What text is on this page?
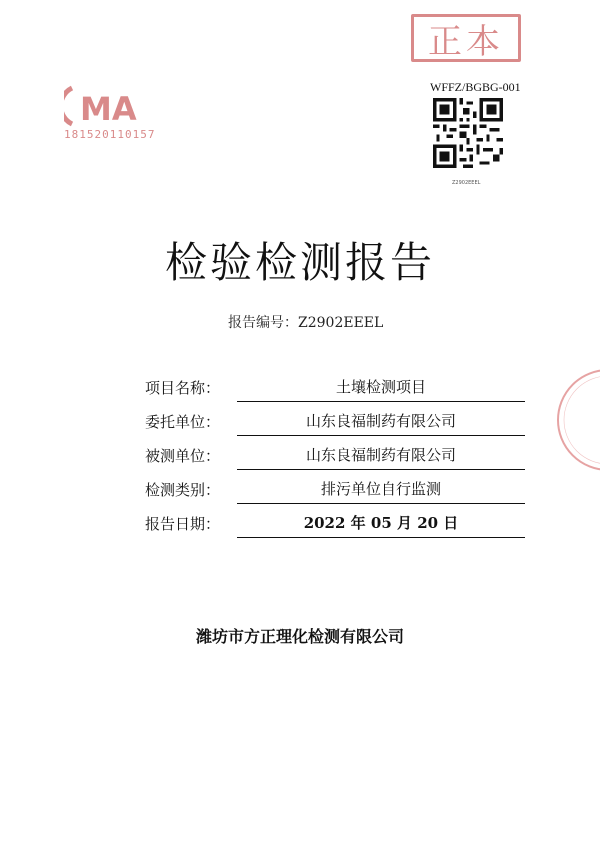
正本
MA
181520110157
WFFZ/BGBG-001
Z2902EEEL
检验检测报告
报告编号：Z2902EEEL
项目名称：	土壤检测项目
委托单位：	山东良福制药有限公司
被测单位：	山东良福制药有限公司
检测类别：	排污单位自行监测
报告日期：	2022 年 05 月 20 日
潍坊市方正理化检测有限公司
